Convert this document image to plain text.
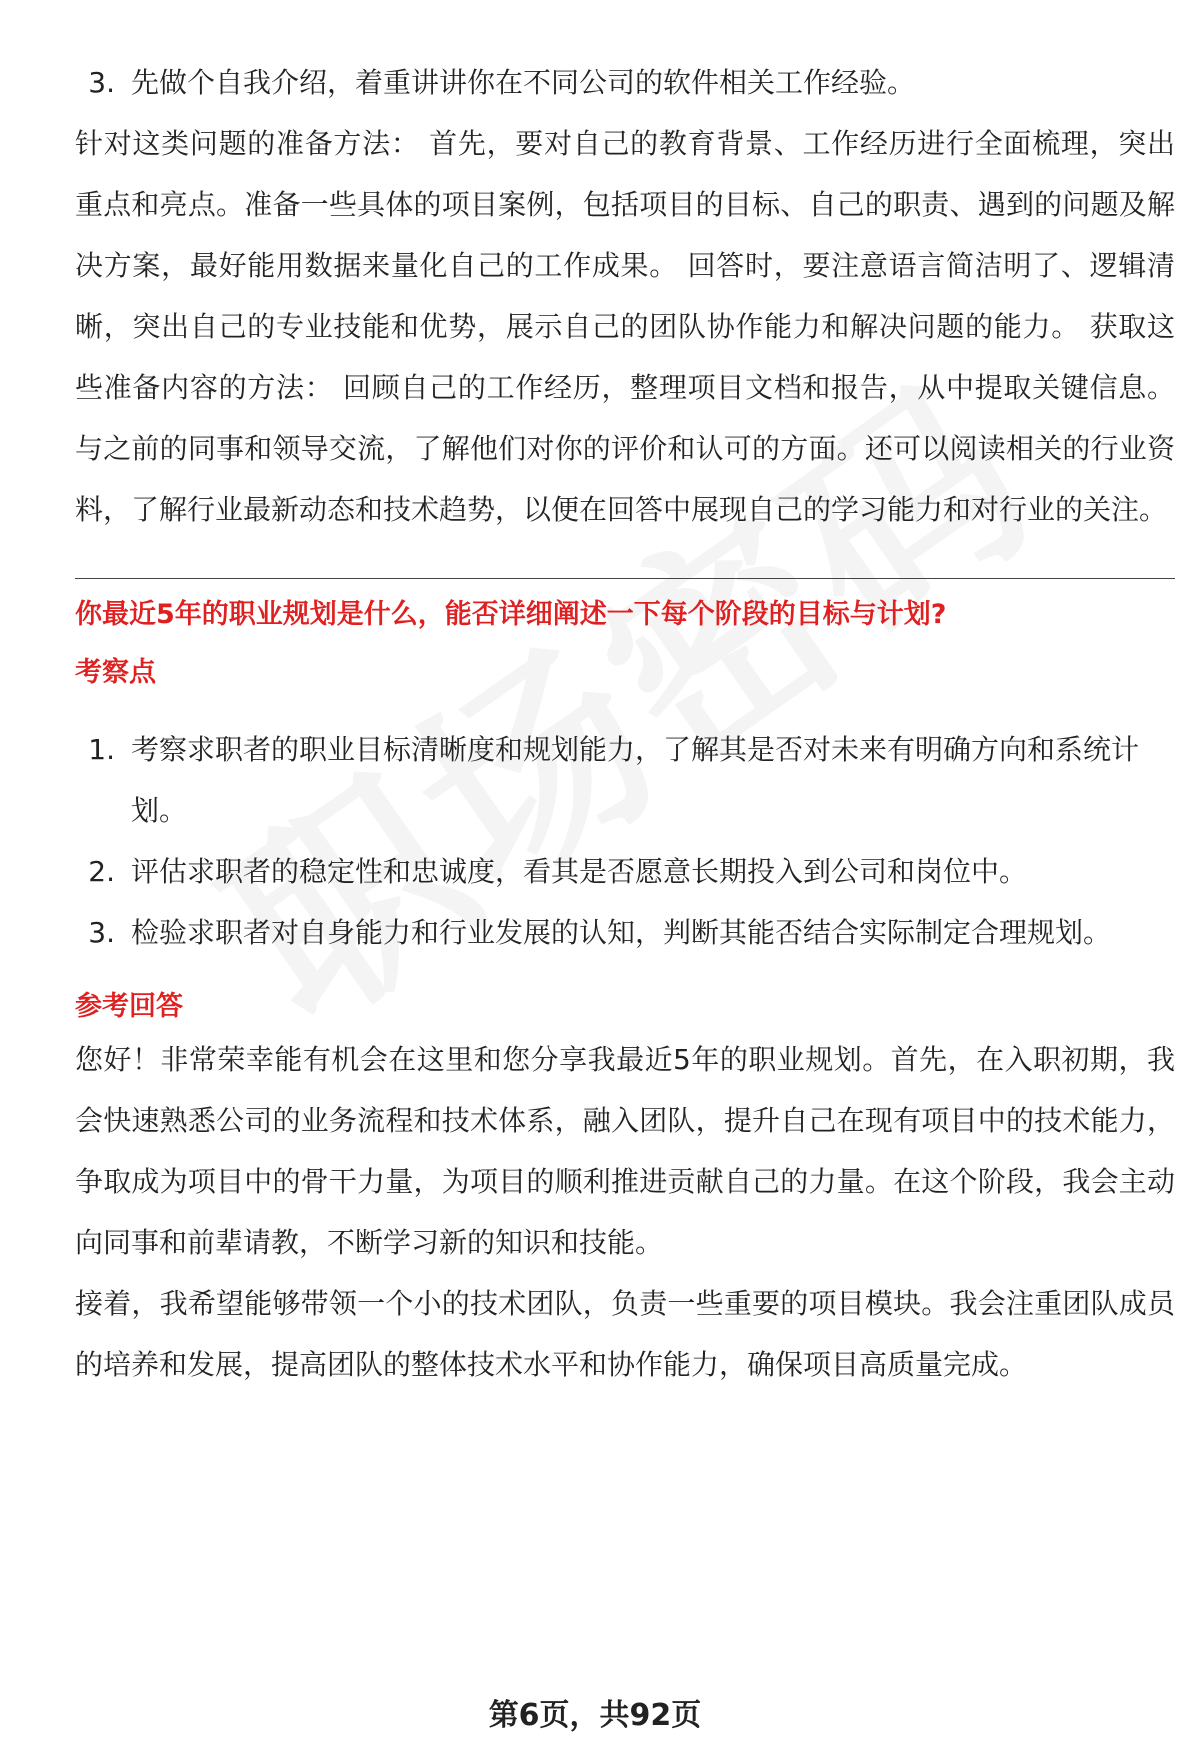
3. 先做个自我介绍，着重讲讲你在不同公司的软件相关工作经验。

针对这类问题的准备方法： 首先，要对自己的教育背景、工作经历进行全面梳理，突出重点和亮点。准备一些具体的项目案例，包括项目的目标、自己的职责、遇到的问题及解决方案，最好能用数据来量化自己的工作成果。 回答时，要注意语言简洁明了、逻辑清晰，突出自己的专业技能和优势，展示自己的团队协作能力和解决问题的能力。 获取这些准备内容的方法： 回顾自己的工作经历，整理项目文档和报告，从中提取关键信息。与之前的同事和领导交流，了解他们对你的评价和认可的方面。还可以阅读相关的行业资料，了解行业最新动态和技术趋势，以便在回答中展现自己的学习能力和对行业的关注。

你最近5年的职业规划是什么，能否详细阐述一下每个阶段的目标与计划?

考察点

1. 考察求职者的职业目标清晰度和规划能力，了解其是否对未来有明确方向和系统计划。
2. 评估求职者的稳定性和忠诚度，看其是否愿意长期投入到公司和岗位中。
3. 检验求职者对自身能力和行业发展的认知，判断其能否结合实际制定合理规划。

参考回答

您好！非常荣幸能有机会在这里和您分享我最近5年的职业规划。首先，在入职初期，我会快速熟悉公司的业务流程和技术体系，融入团队，提升自己在现有项目中的技术能力，争取成为项目中的骨干力量，为项目的顺利推进贡献自己的力量。在这个阶段，我会主动向同事和前辈请教，不断学习新的知识和技能。

接着，我希望能够带领一个小的技术团队，负责一些重要的项目模块。我会注重团队成员的培养和发展，提高团队的整体技术水平和协作能力，确保项目高质量完成。

第6页，共92页
